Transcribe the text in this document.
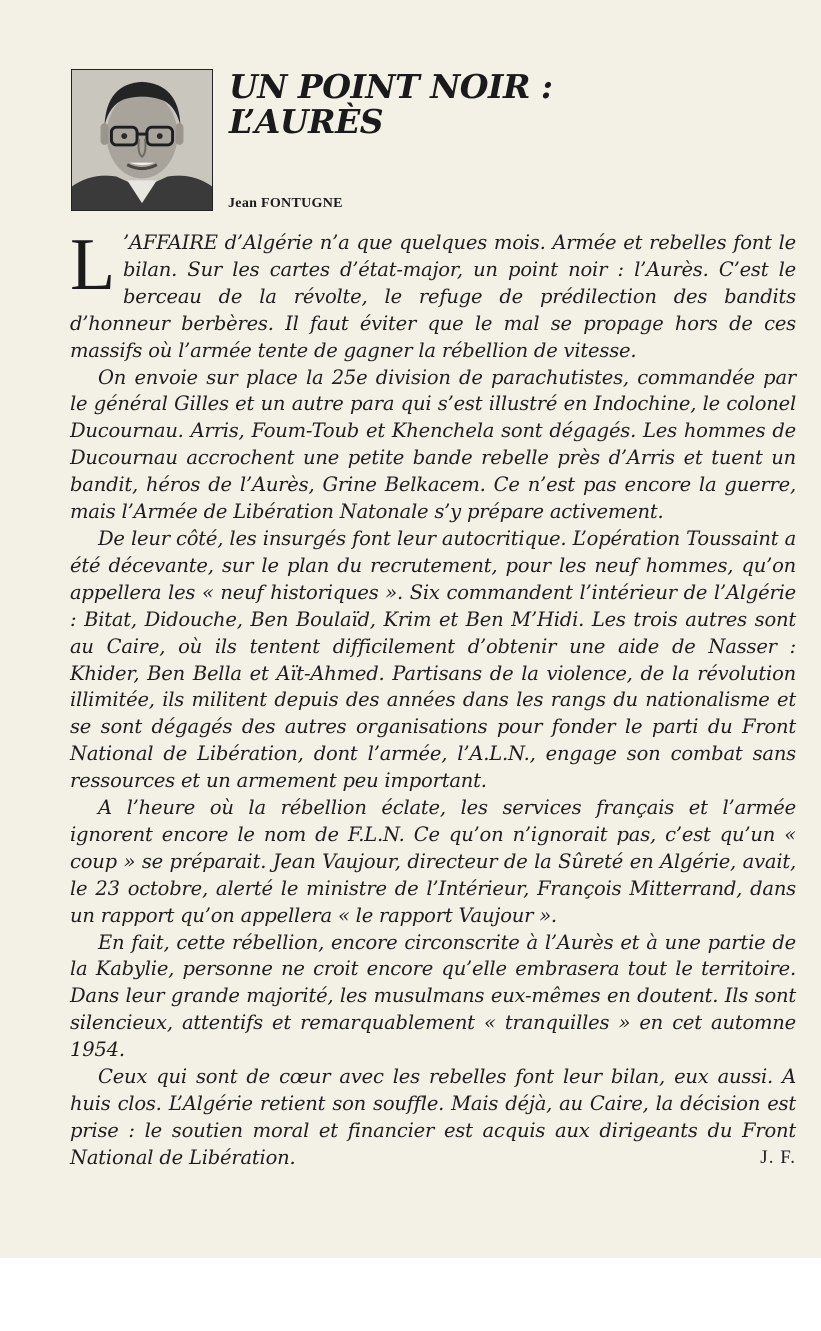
UN POINT NOIR :
L’AURÈS

Jean FONTUGNE

L ’AFFAIRE d’Algérie n’a que quelques mois. Armée et rebelles font le bilan. Sur les cartes d’état-major, un point noir : l’Aurès. C’est le berceau de la révolte, le refuge de prédilection des bandits d’honneur berbères. Il faut éviter que le mal se propage hors de ces massifs où l’armée tente de gagner la rébellion de vitesse.

On envoie sur place la 25e division de parachutistes, commandée par le général Gilles et un autre para qui s’est illustré en Indochine, le colonel Ducournau. Arris, Foum-Toub et Khenchela sont dégagés. Les hommes de Ducournau accrochent une petite bande rebelle près d’Arris et tuent un bandit, héros de l’Aurès, Grine Belkacem. Ce n’est pas encore la guerre, mais l’Armée de Libération Natonale s’y prépare activement.

De leur côté, les insurgés font leur autocritique. L’opération Toussaint a été décevante, sur le plan du recrutement, pour les neuf hommes, qu’on appellera les « neuf historiques ». Six commandent l’intérieur de l’Algérie : Bitat, Didouche, Ben Boulaïd, Krim et Ben M’Hidi. Les trois autres sont au Caire, où ils tentent difficilement d’obtenir une aide de Nasser : Khider, Ben Bella et Aït-Ahmed. Partisans de la violence, de la révolution illimitée, ils militent depuis des années dans les rangs du nationalisme et se sont dégagés des autres organisations pour fonder le parti du Front National de Libération, dont l’armée, l’A.L.N., engage son combat sans ressources et un armement peu important.

A l’heure où la rébellion éclate, les services français et l’armée ignorent encore le nom de F.L.N. Ce qu’on n’ignorait pas, c’est qu’un « coup » se préparait. Jean Vaujour, directeur de la Sûreté en Algérie, avait, le 23 octobre, alerté le ministre de l’Intérieur, François Mitterrand, dans un rapport qu’on appellera « le rapport Vaujour ».

En fait, cette rébellion, encore circonscrite à l’Aurès et à une partie de la Kabylie, personne ne croit encore qu’elle embrasera tout le territoire. Dans leur grande majorité, les musulmans eux-mêmes en doutent. Ils sont silencieux, attentifs et remarquablement « tranquilles » en cet automne 1954.

Ceux qui sont de cœur avec les rebelles font leur bilan, eux aussi. A huis clos. L’Algérie retient son souffle. Mais déjà, au Caire, la décision est prise : le soutien moral et financier est acquis aux dirigeants du Front National de Libération.	J. F.
